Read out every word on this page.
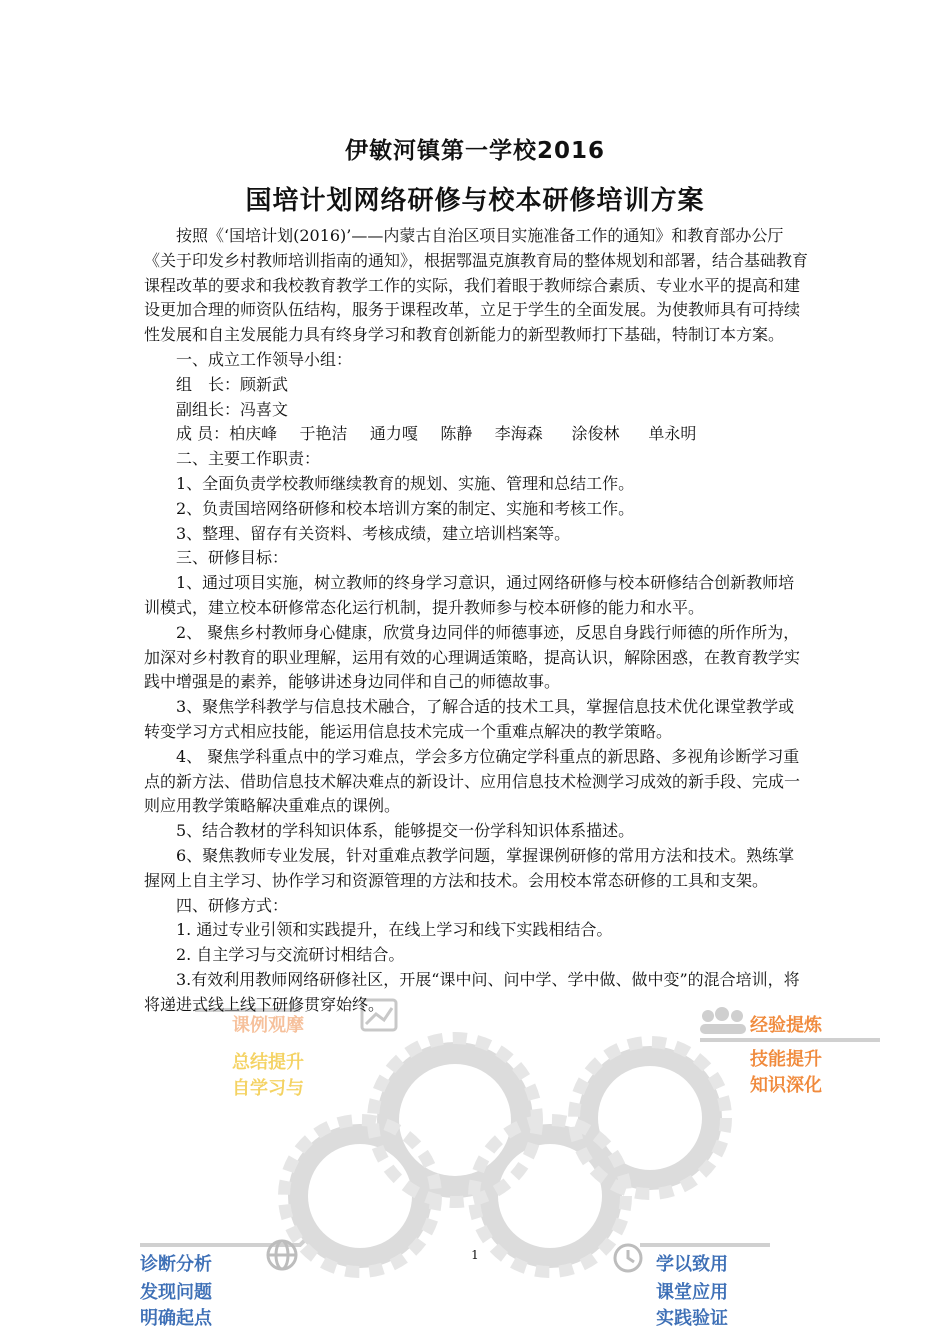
课例观摩
总结提升
自学习与
经验提炼
技能提升
知识深化
诊断分析
发现问题
明确起点
学以致用
课堂应用
实践验证
伊敏河镇第一学校2016
国培计划网络研修与校本研修培训方案

按照《‘国培计划(2016)’——内蒙古自治区项目实施准备工作的通知》和教育部办公厅《关于印发乡村教师培训指南的通知》，根据鄂温克旗教育局的整体规划和部署，结合基础教育课程改革的要求和我校教育教学工作的实际，我们着眼于教师综合素质、专业水平的提高和建设更加合理的师资队伍结构，服务于课程改革，立足于学生的全面发展。为使教师具有可持续性发展和自主发展能力具有终身学习和教育创新能力的新型教师打下基础，特制订本方案。

一、成立工作领导小组：

组　长：顾新武

副组长：冯喜文

成 员：柏庆峰 于艳洁 通力嘎 陈静 李海森 涂俊林 单永明

二、主要工作职责：

1、全面负责学校教师继续教育的规划、实施、管理和总结工作。

2、负责国培网络研修和校本培训方案的制定、实施和考核工作。

3、整理、留存有关资料、考核成绩，建立培训档案等。

三、研修目标：

1、通过项目实施，树立教师的终身学习意识，通过网络研修与校本研修结合创新教师培训模式，建立校本研修常态化运行机制，提升教师参与校本研修的能力和水平。

2、 聚焦乡村教师身心健康，欣赏身边同伴的师德事迹，反思自身践行师德的所作所为，加深对乡村教育的职业理解，运用有效的心理调适策略，提高认识，解除困惑，在教育教学实践中增强是的素养，能够讲述身边同伴和自己的师德故事。

3、聚焦学科教学与信息技术融合，了解合适的技术工具，掌握信息技术优化课堂教学或转变学习方式相应技能，能运用信息技术完成一个重难点解决的教学策略。

4、 聚焦学科重点中的学习难点，学会多方位确定学科重点的新思路、多视角诊断学习重点的新方法、借助信息技术解决难点的新设计、应用信息技术检测学习成效的新手段、完成一则应用教学策略解决重难点的课例。

5、结合教材的学科知识体系，能够提交一份学科知识体系描述。

6、聚焦教师专业发展，针对重难点教学问题，掌握课例研修的常用方法和技术。熟练掌握网上自主学习、协作学习和资源管理的方法和技术。会用校本常态研修的工具和支架。

四、研修方式：

1. 通过专业引领和实践提升，在线上学习和线下实践相结合。

2. 自主学习与交流研讨相结合。

3.有效利用教师网络研修社区，开展“课中问、问中学、学中做、做中变”的混合培训，将将递进式线上线下研修贯穿始终。

1
